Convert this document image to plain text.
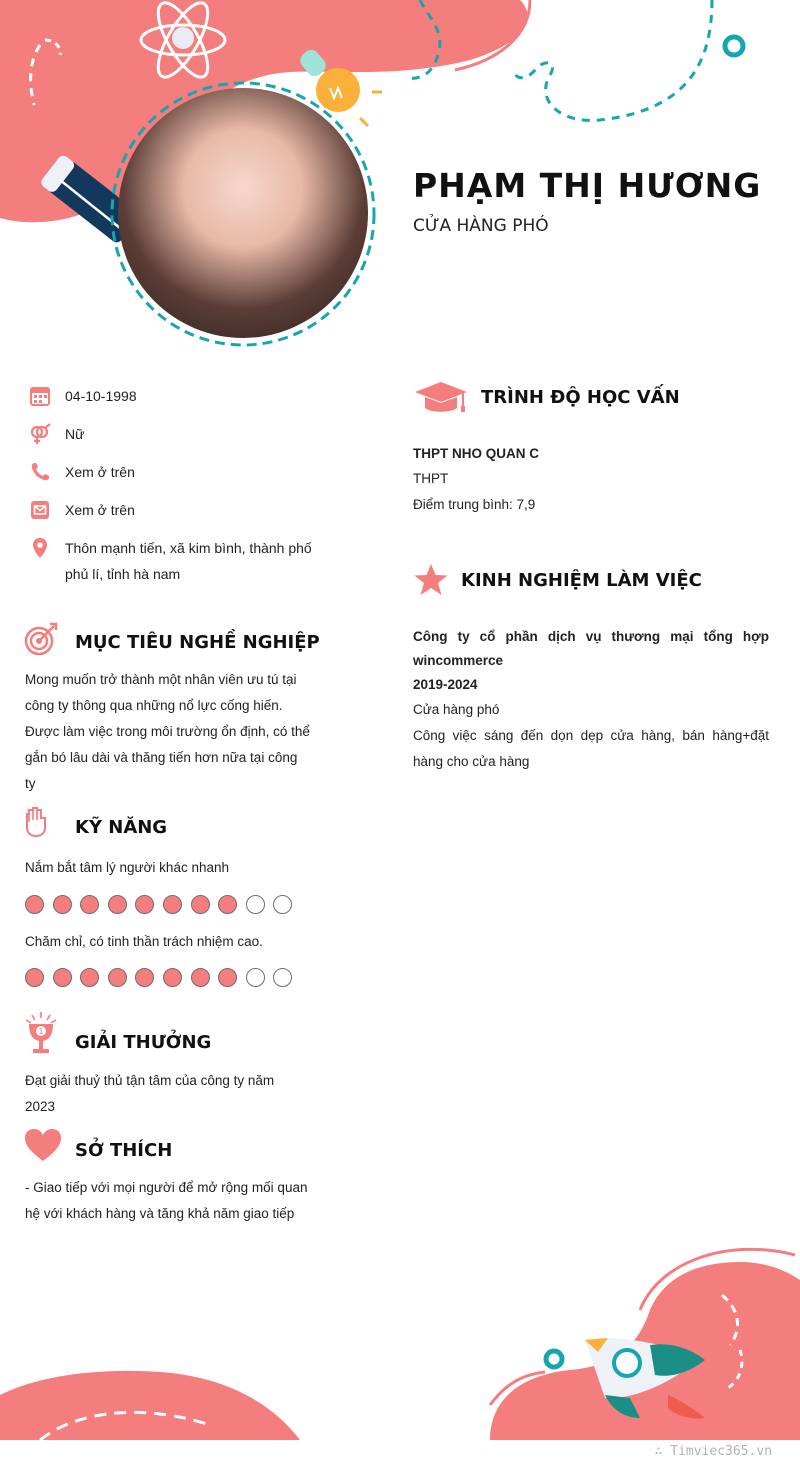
PHẠM THỊ HƯƠNG
CỬA HÀNG PHÓ
04-10-1998
Nữ
Xem ở trên
Xem ở trên
Thôn mạnh tiến, xã kim bình, thành phố
phủ lí, tỉnh hà nam
MỤC TIÊU NGHỀ NGHIỆP
Mong muốn trở thành một nhân viên ưu tú tại
công ty thông qua những nổ lực cống hiến.
Được làm việc trong môi trường ổn định, có thể
gắn bó lâu dài và thăng tiến hơn nữa tại công
ty
KỸ NĂNG
Nắm bắt tâm lý người khác nhanh
Chăm chỉ, có tinh thần trách nhiệm cao.
1
GIẢI THƯỞNG
Đạt giải thuỷ thủ tận tâm của công ty năm
2023
SỞ THÍCH
- Giao tiếp với mọi người để mở rộng mối quan
hệ với khách hàng và tăng khả năm giao tiếp
TRÌNH ĐỘ HỌC VẤN
THPT NHO QUAN C
THPT
Điểm trung bình: 7,9
KINH NGHIỆM LÀM VIỆC
Công ty cổ phần dịch vụ thương mại tổng hợp
wincommerce
2019-2024
Cửa hàng phó
Công việc sáng đến dọn dẹp cửa hàng, bán hàng+đặt
hàng cho cửa hàng
∴ Timviec365.vn
